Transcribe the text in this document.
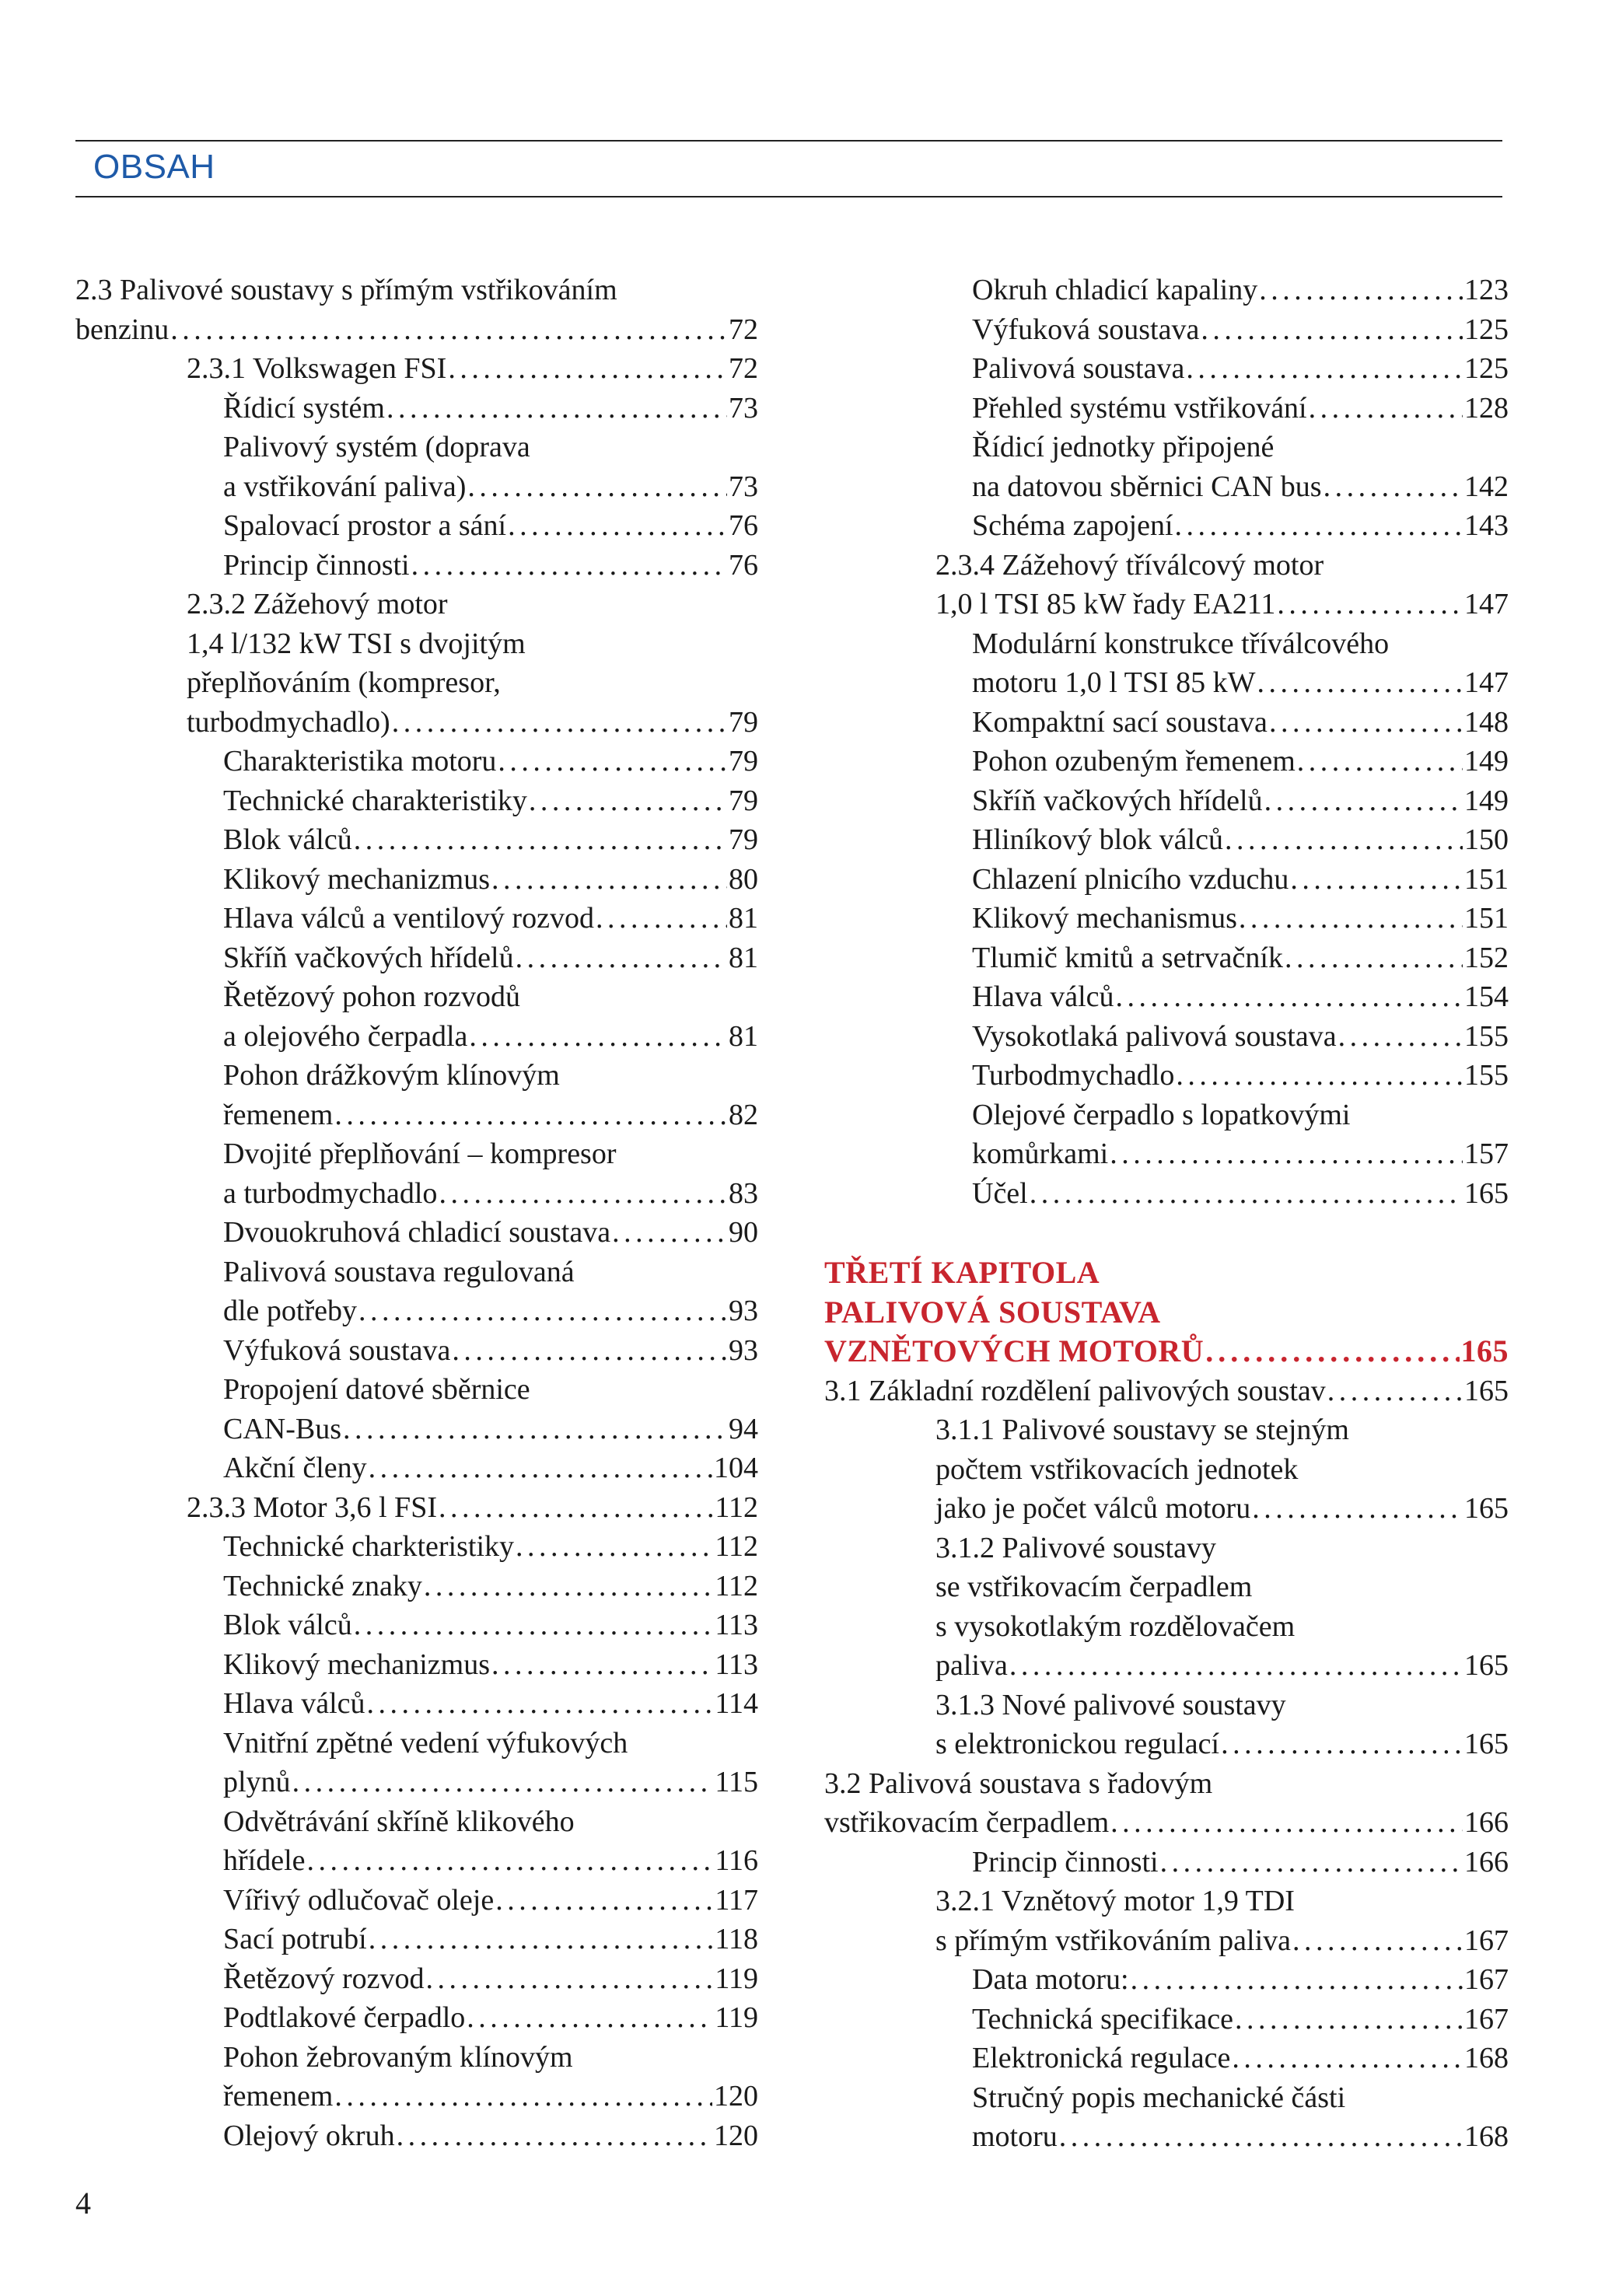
OBSAH
2.3 Palivové soustavy s přímým vstřikováním
benzinu . . .	72
2.3.1 Volkswagen FSI . . .	72
Řídicí systém . . .	73
Palivový systém (doprava
a vstřikování paliva) . . .	73
Spalovací prostor a sání . . .	76
Princip činnosti . . .	76
2.3.2 Zážehový motor
1,4 l/132 kW TSI s dvojitým
přeplňováním (kompresor,
turbodmychadlo) . . .	79
Charakteristika motoru . . .	79
Technické charakteristiky . . .	79
Blok válců . . .	79
Klikový mechanizmus . . .	80
Hlava válců a ventilový rozvod . . .	81
Skříň vačkových hřídelů . . .	81
Řetězový pohon rozvodů
a olejového čerpadla . . .	81
Pohon drážkovým klínovým
řemenem . . .	82
Dvojité přeplňování – kompresor
a turbodmychadlo . . .	83
Dvouokruhová chladicí soustava . . .	90
Palivová soustava regulovaná
dle potřeby . . .	93
Výfuková soustava . . .	93
Propojení datové sběrnice
CAN-Bus . . .	94
Akční členy . . .	104
2.3.3 Motor 3,6 l FSI . . .	112
Technické charkteristiky . . .	112
Technické znaky . . .	112
Blok válců . . .	113
Klikový mechanizmus . . .	113
Hlava válců . . .	114
Vnitřní zpětné vedení výfukových
plynů . . .	115
Odvětrávání skříně klikového
hřídele . . .	116
Vířivý odlučovač oleje . . .	117
Sací potrubí . . .	118
Řetězový rozvod . . .	119
Podtlakové čerpadlo . . .	119
Pohon žebrovaným klínovým
řemenem . . .	120
Olejový okruh . . .	120
Okruh chladicí kapaliny . . .	123
Výfuková soustava . . .	125
Palivová soustava . . .	125
Přehled systému vstřikování . . .	128
Řídicí jednotky připojené
na datovou sběrnici CAN bus . . .	142
Schéma zapojení . . .	143
2.3.4 Zážehový tříválcový motor
1,0 l TSI 85 kW řady EA211 . . .	147
Modulární konstrukce tříválcového
motoru 1,0 l TSI 85 kW . . .	147
Kompaktní sací soustava . . .	148
Pohon ozubeným řemenem . . .	149
Skříň vačkových hřídelů . . .	149
Hliníkový blok válců . . .	150
Chlazení plnicího vzduchu . . .	151
Klikový mechanismus . . .	151
Tlumič kmitů a setrvačník . . .	152
Hlava válců . . .	154
Vysokotlaká palivová soustava . . .	155
Turbodmychadlo . . .	155
Olejové čerpadlo s lopatkovými
komůrkami . . .	157
Účel . . .	165
TŘETÍ KAPITOLA
PALIVOVÁ SOUSTAVA
VZNĚTOVÝCH MOTORŮ . . .	165
3.1 Základní rozdělení palivových soustav . . .	165
3.1.1 Palivové soustavy se stejným
počtem vstřikovacích jednotek
jako je počet válců motoru . . .	165
3.1.2 Palivové soustavy
se vstřikovacím čerpadlem
s vysokotlakým rozdělovačem
paliva . . .	165
3.1.3 Nové palivové soustavy
s elektronickou regulací . . .	165
3.2 Palivová soustava s řadovým
vstřikovacím čerpadlem . . .	166
Princip činnosti . . .	166
3.2.1 Vznětový motor 1,9 TDI
s přímým vstřikováním paliva . . .	167
Data motoru: . . .	167
Technická specifikace . . .	167
Elektronická regulace . . .	168
Stručný popis mechanické části
motoru . . .	168
4
